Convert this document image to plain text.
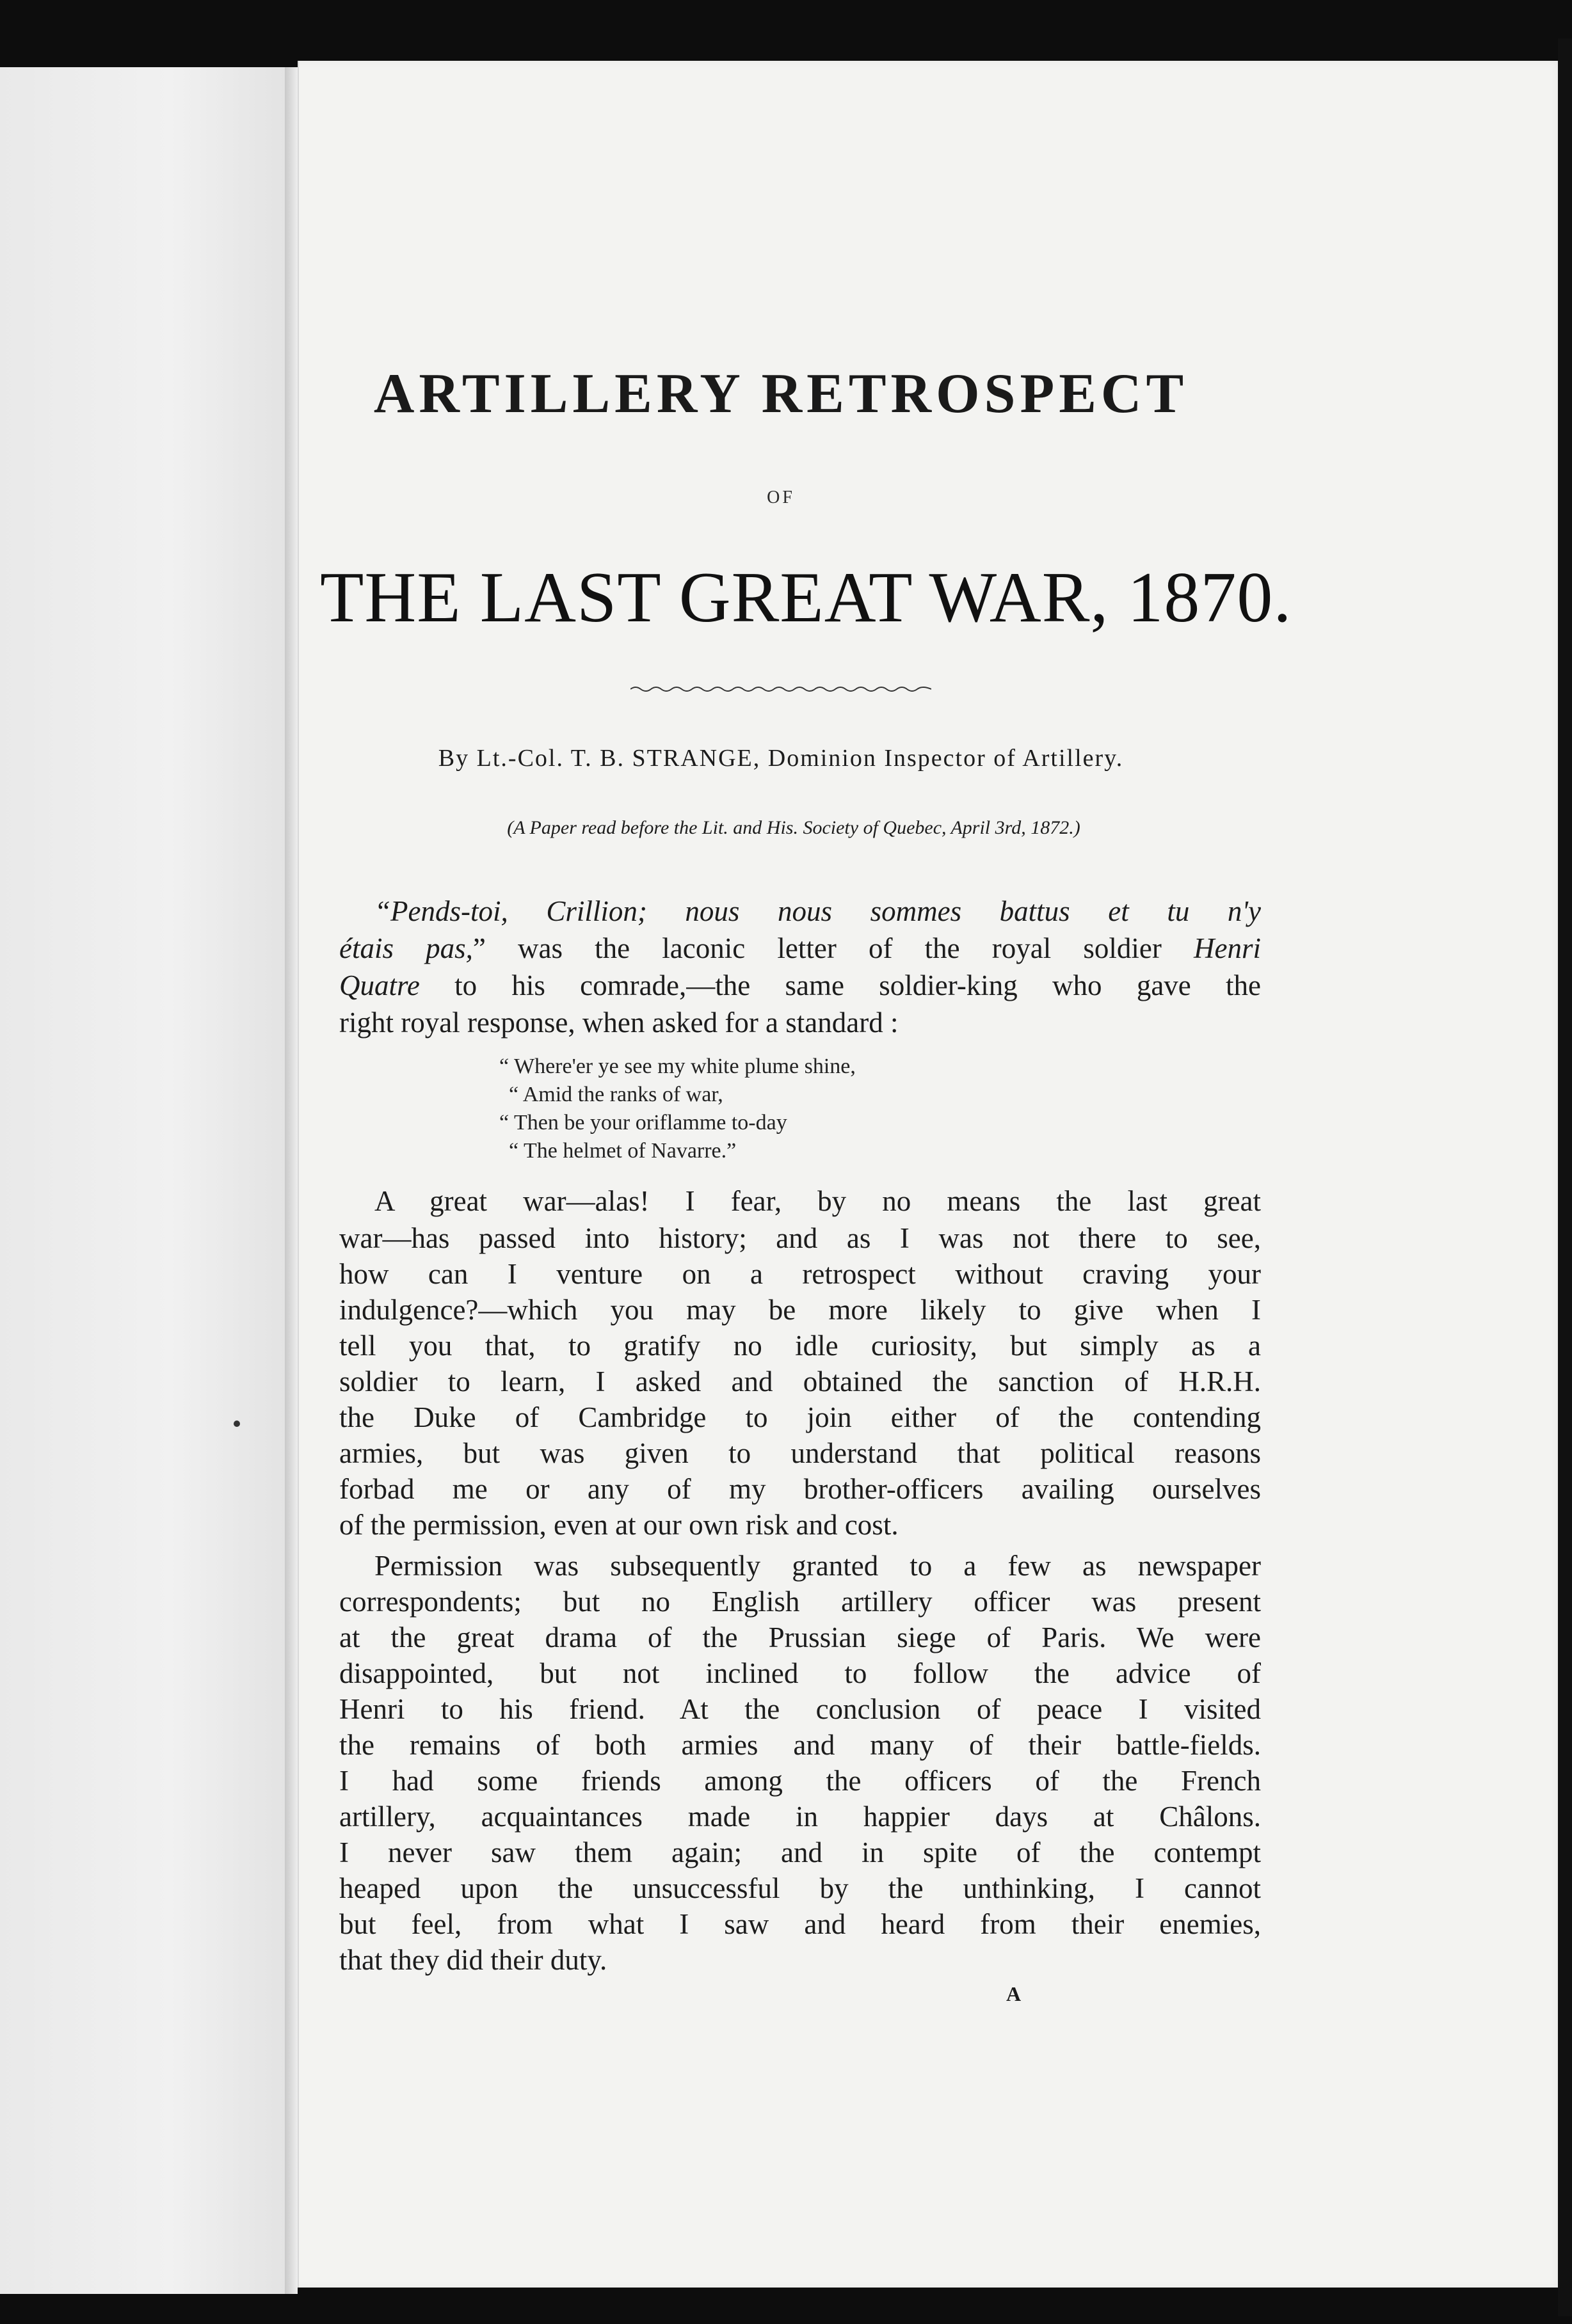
ARTILLERY RETROSPECT
OF
THE LAST GREAT WAR, 1870.
By Lt.-Col. T. B. STRANGE, Dominion Inspector of Artillery.
(A Paper read before the Lit. and His. Society of Quebec, April 3rd, 1872.)
“Pends-toi, Crillion; nous nous sommes battus et tu n'y
étais pas,” was the laconic letter of the royal soldier Henri
Quatre to his comrade,—the same soldier-king who gave the
right royal response, when asked for a standard :
“ Where'er ye see my white plume shine,
“ Amid the ranks of war,
“ Then be your oriflamme to-day
“ The helmet of Navarre.”
A great war—alas! I fear, by no means the last great
war—has passed into history; and as I was not there to see,
how can I venture on a retrospect without craving your
indulgence?—which you may be more likely to give when I
tell you that, to gratify no idle curiosity, but simply as a
soldier to learn, I asked and obtained the sanction of H.R.H.
the Duke of Cambridge to join either of the contending
armies, but was given to understand that political reasons
forbad me or any of my brother-officers availing ourselves
of the permission, even at our own risk and cost.
Permission was subsequently granted to a few as newspaper
correspondents; but no English artillery officer was present
at the great drama of the Prussian siege of Paris. We were
disappointed, but not inclined to follow the advice of
Henri to his friend. At the conclusion of peace I visited
the remains of both armies and many of their battle-fields.
I had some friends among the officers of the French
artillery, acquaintances made in happier days at Châlons.
I never saw them again; and in spite of the contempt
heaped upon the unsuccessful by the unthinking, I cannot
but feel, from what I saw and heard from their enemies,
that they did their duty.
A
